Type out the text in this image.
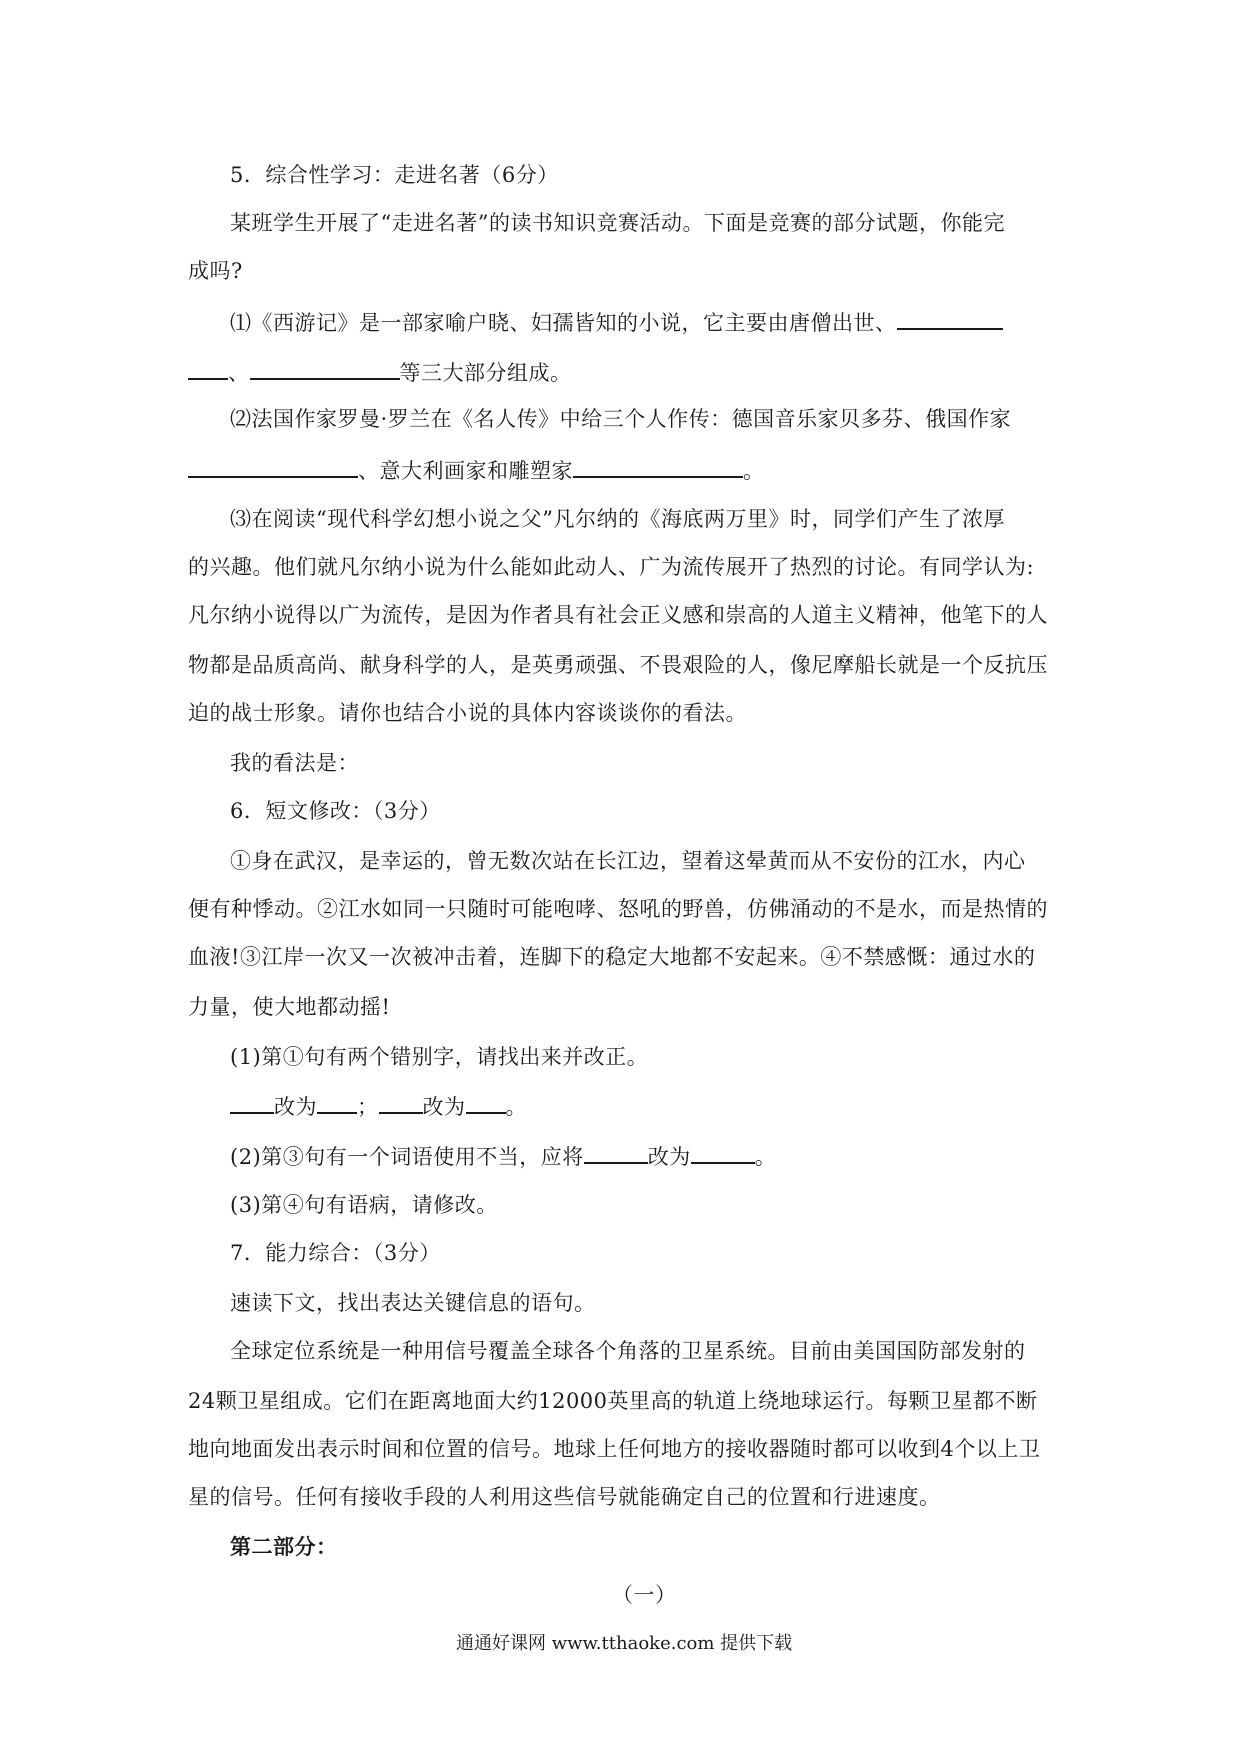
5．综合性学习：走进名著（6分）
某班学生开展了“走进名著”的读书知识竞赛活动。下面是竞赛的部分试题，你能完
成吗?
⑴《西游记》是一部家喻户晓、妇孺皆知的小说，它主要由唐僧出世、
、	等三大部分组成。
⑵法国作家罗曼·罗兰在《名人传》中给三个人作传：德国音乐家贝多芬、俄国作家
、意大利画家和雕塑家	。
⑶在阅读“现代科学幻想小说之父”凡尔纳的《海底两万里》时，同学们产生了浓厚
的兴趣。他们就凡尔纳小说为什么能如此动人、广为流传展开了热烈的讨论。有同学认为:
凡尔纳小说得以广为流传，是因为作者具有社会正义感和崇高的人道主义精神，他笔下的人
物都是品质高尚、献身科学的人，是英勇顽强、不畏艰险的人，像尼摩船长就是一个反抗压
迫的战士形象。请你也结合小说的具体内容谈谈你的看法。
我的看法是：
6．短文修改：（3分）
①身在武汉，是幸运的，曾无数次站在长江边，望着这晕黄而从不安份的江水，内心
便有种悸动。②江水如同一只随时可能咆哮、怒吼的野兽，仿佛涌动的不是水，而是热情的
血液!③江岸一次又一次被冲击着，连脚下的稳定大地都不安起来。④不禁感慨：通过水的
力量，使大地都动摇!
(1)第①句有两个错别字，请找出来并改正。
改为 ； 改为 。
(2)第③句有一个词语使用不当，应将	改为	。
(3)第④句有语病，请修改。
7．能力综合：（3分）
速读下文，找出表达关键信息的语句。
全球定位系统是一种用信号覆盖全球各个角落的卫星系统。目前由美国国防部发射的
24颗卫星组成。它们在距离地面大约12000英里高的轨道上绕地球运行。每颗卫星都不断
地向地面发出表示时间和位置的信号。地球上任何地方的接收器随时都可以收到4个以上卫
星的信号。任何有接收手段的人利用这些信号就能确定自己的位置和行进速度。
第二部分：
（一）
通通好课网 www.tthaoke.com 提供下载
